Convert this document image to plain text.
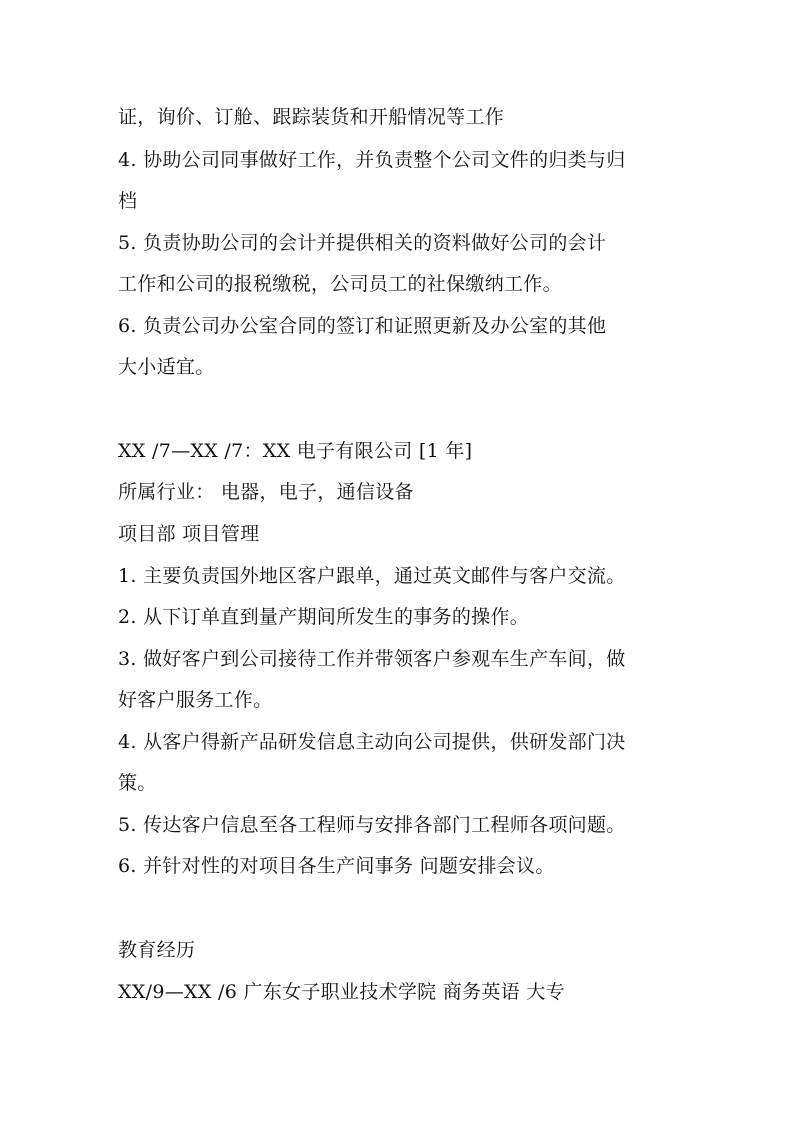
证，询价、订舱、跟踪装货和开船情况等工作
4. 协助公司同事做好工作，并负责整个公司文件的归类与归
档
5. 负责协助公司的会计并提供相关的资料做好公司的会计
工作和公司的报税缴税，公司员工的社保缴纳工作。
6. 负责公司办公室合同的签订和证照更新及办公室的其他
大小适宜。
XX /7—XX /7：XX 电子有限公司 [1 年]
所属行业： 电器，电子，通信设备
项目部 项目管理
1. 主要负责国外地区客户跟单，通过英文邮件与客户交流。
2. 从下订单直到量产期间所发生的事务的操作。
3. 做好客户到公司接待工作并带领客户参观车生产车间，做
好客户服务工作。
4. 从客户得新产品研发信息主动向公司提供，供研发部门决
策。
5. 传达客户信息至各工程师与安排各部门工程师各项问题。
6. 并针对性的对项目各生产间事务 问题安排会议。
教育经历
XX/9—XX /6 广东女子职业技术学院 商务英语 大专
